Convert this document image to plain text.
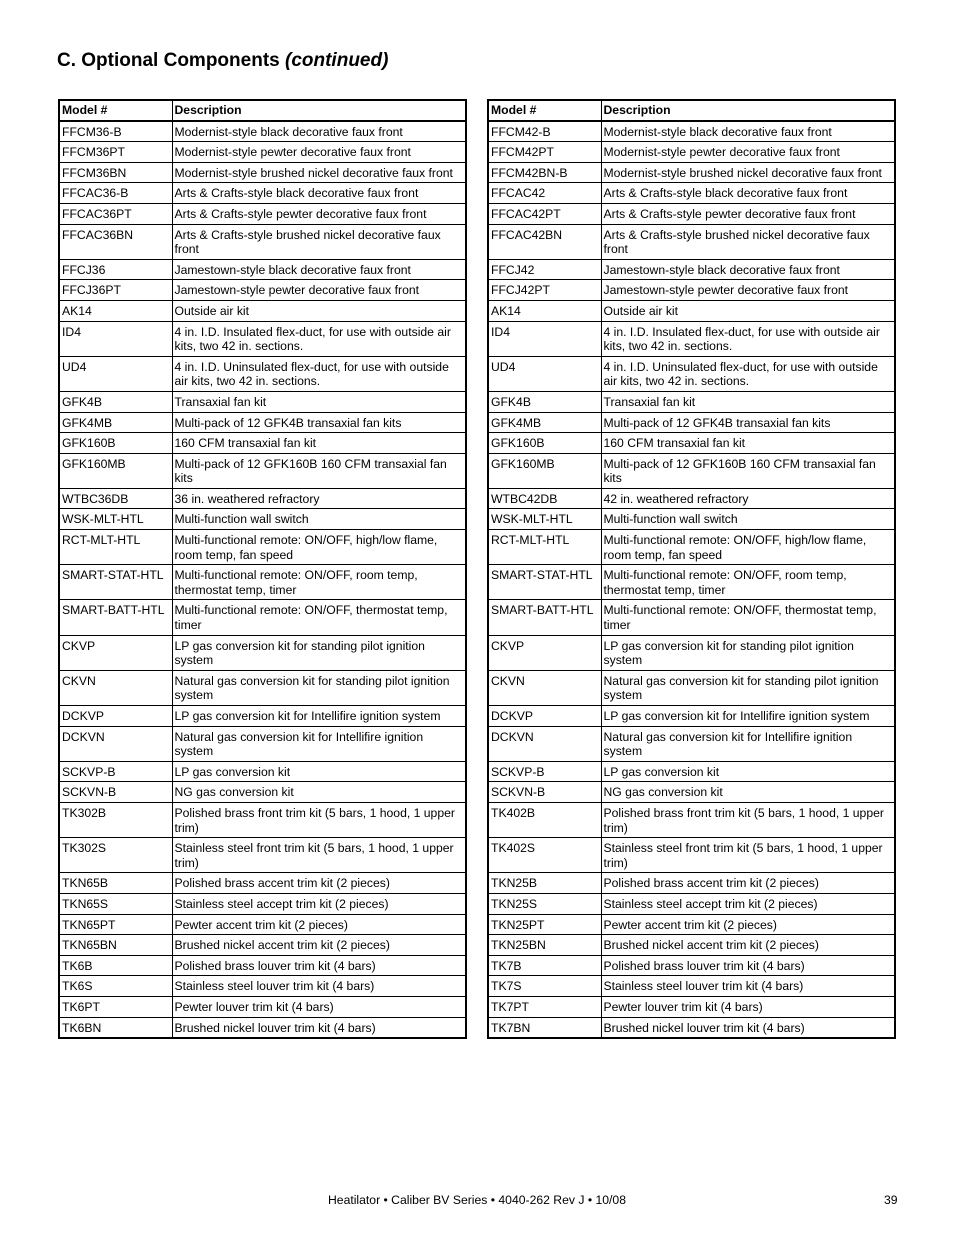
C. Optional Components (continued)
Model #	Description
FFCM36-B	Modernist-style black decorative faux front
FFCM36PT	Modernist-style pewter decorative faux front
FFCM36BN	Modernist-style brushed nickel decorative faux front
FFCAC36-B	Arts & Crafts-style black decorative faux front
FFCAC36PT	Arts & Crafts-style pewter decorative faux front
FFCAC36BN	Arts & Crafts-style brushed nickel decorative faux front
FFCJ36	Jamestown-style black decorative faux front
FFCJ36PT	Jamestown-style pewter decorative faux front
AK14	Outside air kit
ID4	4 in. I.D. Insulated flex-duct, for use with outside air kits, two 42 in. sections.
UD4	4 in. I.D. Uninsulated flex-duct, for use with outside air kits, two 42 in. sections.
GFK4B	Transaxial fan kit
GFK4MB	Multi-pack of 12 GFK4B transaxial fan kits
GFK160B	160 CFM transaxial fan kit
GFK160MB	Multi-pack of 12 GFK160B 160 CFM transaxial fan kits
WTBC36DB	36 in. weathered refractory
WSK-MLT-HTL	Multi-function wall switch
RCT-MLT-HTL	Multi-functional remote: ON/OFF, high/low flame, room temp, fan speed
SMART-STAT-HTL	Multi-functional remote: ON/OFF, room temp, thermostat temp, timer
SMART-BATT-HTL	Multi-functional remote: ON/OFF, thermostat temp, timer
CKVP	LP gas conversion kit for standing pilot ignition system
CKVN	Natural gas conversion kit for standing pilot ignition system
DCKVP	LP gas conversion kit for Intellifire ignition system
DCKVN	Natural gas conversion kit for Intellifire ignition system
SCKVP-B	LP gas conversion kit
SCKVN-B	NG gas conversion kit
TK302B	Polished brass front trim kit (5 bars, 1 hood, 1 upper trim)
TK302S	Stainless steel front trim kit (5 bars, 1 hood, 1 upper trim)
TKN65B	Polished brass accent trim kit (2 pieces)
TKN65S	Stainless steel accept trim kit (2 pieces)
TKN65PT	Pewter accent trim kit (2 pieces)
TKN65BN	Brushed nickel accent trim kit (2 pieces)
TK6B	Polished brass louver trim kit (4 bars)
TK6S	Stainless steel louver trim kit (4 bars)
TK6PT	Pewter louver trim kit (4 bars)
TK6BN	Brushed nickel louver trim kit (4 bars)
Model #	Description
FFCM42-B	Modernist-style black decorative faux front
FFCM42PT	Modernist-style pewter decorative faux front
FFCM42BN-B	Modernist-style brushed nickel decorative faux front
FFCAC42	Arts & Crafts-style black decorative faux front
FFCAC42PT	Arts & Crafts-style pewter decorative faux front
FFCAC42BN	Arts & Crafts-style brushed nickel decorative faux front
FFCJ42	Jamestown-style black decorative faux front
FFCJ42PT	Jamestown-style pewter decorative faux front
AK14	Outside air kit
ID4	4 in. I.D. Insulated flex-duct, for use with outside air kits, two 42 in. sections.
UD4	4 in. I.D. Uninsulated flex-duct, for use with outside air kits, two 42 in. sections.
GFK4B	Transaxial fan kit
GFK4MB	Multi-pack of 12 GFK4B transaxial fan kits
GFK160B	160 CFM transaxial fan kit
GFK160MB	Multi-pack of 12 GFK160B 160 CFM transaxial fan kits
WTBC42DB	42 in. weathered refractory
WSK-MLT-HTL	Multi-function wall switch
RCT-MLT-HTL	Multi-functional remote: ON/OFF, high/low flame, room temp, fan speed
SMART-STAT-HTL	Multi-functional remote: ON/OFF, room temp, thermostat temp, timer
SMART-BATT-HTL	Multi-functional remote: ON/OFF, thermostat temp, timer
CKVP	LP gas conversion kit for standing pilot ignition system
CKVN	Natural gas conversion kit for standing pilot ignition system
DCKVP	LP gas conversion kit for Intellifire ignition system
DCKVN	Natural gas conversion kit for Intellifire ignition system
SCKVP-B	LP gas conversion kit
SCKVN-B	NG gas conversion kit
TK402B	Polished brass front trim kit (5 bars, 1 hood, 1 upper trim)
TK402S	Stainless steel front trim kit (5 bars, 1 hood, 1 upper trim)
TKN25B	Polished brass accent trim kit (2 pieces)
TKN25S	Stainless steel accept trim kit (2 pieces)
TKN25PT	Pewter accent trim kit (2 pieces)
TKN25BN	Brushed nickel accent trim kit (2 pieces)
TK7B	Polished brass louver trim kit (4 bars)
TK7S	Stainless steel louver trim kit (4 bars)
TK7PT	Pewter louver trim kit (4 bars)
TK7BN	Brushed nickel louver trim kit (4 bars)
Heatilator • Caliber BV Series • 4040-262 Rev J • 10/08	39
